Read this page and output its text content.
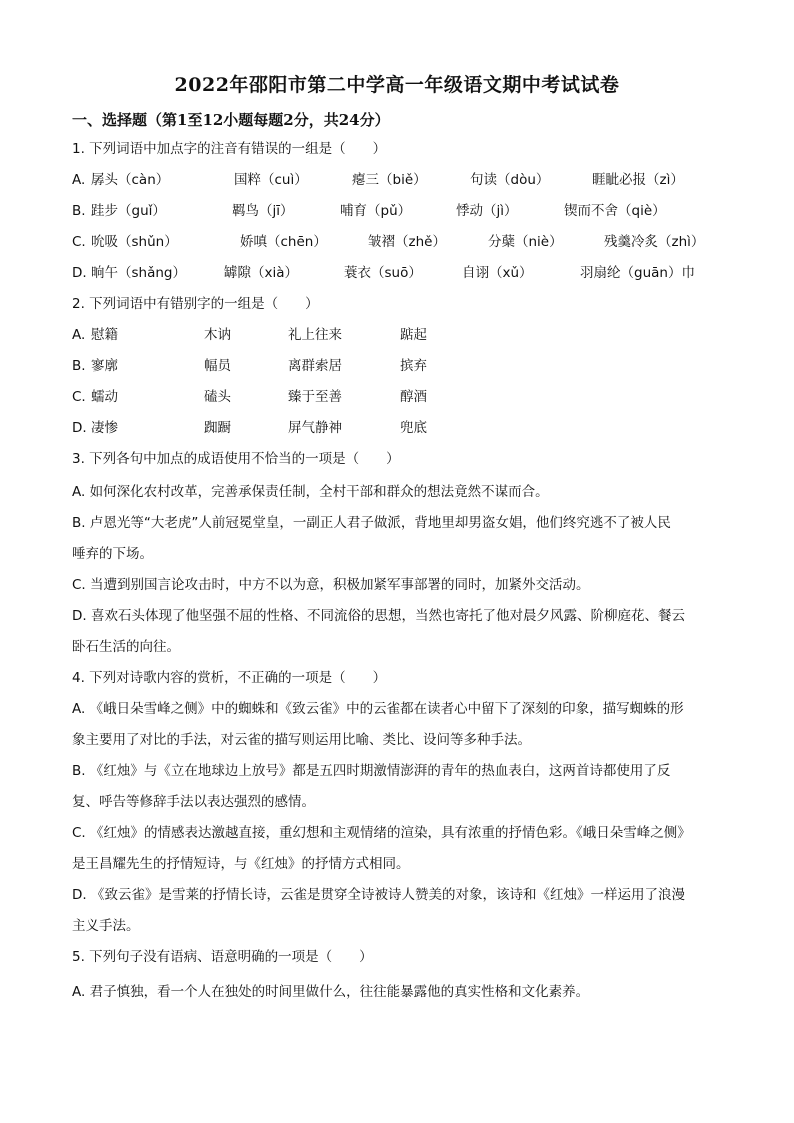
2022年邵阳市第二中学高一年级语文期中考试试卷
一、选择题（第1至12小题每题2分，共24分）
1. 下列词语中加点字的注音有错误的一组是（　　）
A. 孱头（càn）	国粹（cuì）	瘪三（biě）	句读（dòu）	睚眦必报（zì）
B. 跬步（guǐ）	羁鸟（jī）	哺育（pǔ）	悸动（jì）	锲而不舍（qiè）
C. 吮吸（shǔn）	娇嗔（chēn）	皱褶（zhě）	分蘖（niè）	残羹冷炙（zhì）
D. 晌午（shǎng）	罅隙（xià）	蓑衣（suō）	自诩（xǔ）	羽扇纶（guān）巾
2. 下列词语中有错别字的一组是（　　）
A. 慰籍	木讷	礼上往来	踮起
B. 寥廓	幅员	离群索居	摈弃
C. 蠕动	磕头	臻于至善	醇酒
D. 凄惨	踟蹰	屏气静神	兜底
3. 下列各句中加点的成语使用不恰当的一项是（　　）
A. 如何深化农村改革，完善承保责任制，全村干部和群众的想法竟然不谋而合。
B. 卢恩光等“大老虎”人前冠冕堂皇，一副正人君子做派，背地里却男盗女娼，他们终究逃不了被人民
唾弃的下场。
C. 当遭到别国言论攻击时，中方不以为意，积极加紧军事部署的同时，加紧外交活动。
D. 喜欢石头体现了他坚强不屈的性格、不同流俗的思想，当然也寄托了他对晨夕风露、阶柳庭花、餐云
卧石生活的向往。
4. 下列对诗歌内容的赏析，不正确的一项是（　　）
A. 《峨日朵雪峰之侧》中的蜘蛛和《致云雀》中的云雀都在读者心中留下了深刻的印象，描写蜘蛛的形
象主要用了对比的手法，对云雀的描写则运用比喻、类比、设问等多种手法。
B. 《红烛》与《立在地球边上放号》都是五四时期激情澎湃的青年的热血表白，这两首诗都使用了反
复、呼告等修辞手法以表达强烈的感情。
C. 《红烛》的情感表达激越直接，重幻想和主观情绪的渲染，具有浓重的抒情色彩。《峨日朵雪峰之侧》
是王昌耀先生的抒情短诗，与《红烛》的抒情方式相同。
D. 《致云雀》是雪莱的抒情长诗，云雀是贯穿全诗被诗人赞美的对象，该诗和《红烛》一样运用了浪漫
主义手法。
5. 下列句子没有语病、语意明确的一项是（　　）
A. 君子慎独，看一个人在独处的时间里做什么，往往能暴露他的真实性格和文化素养。
